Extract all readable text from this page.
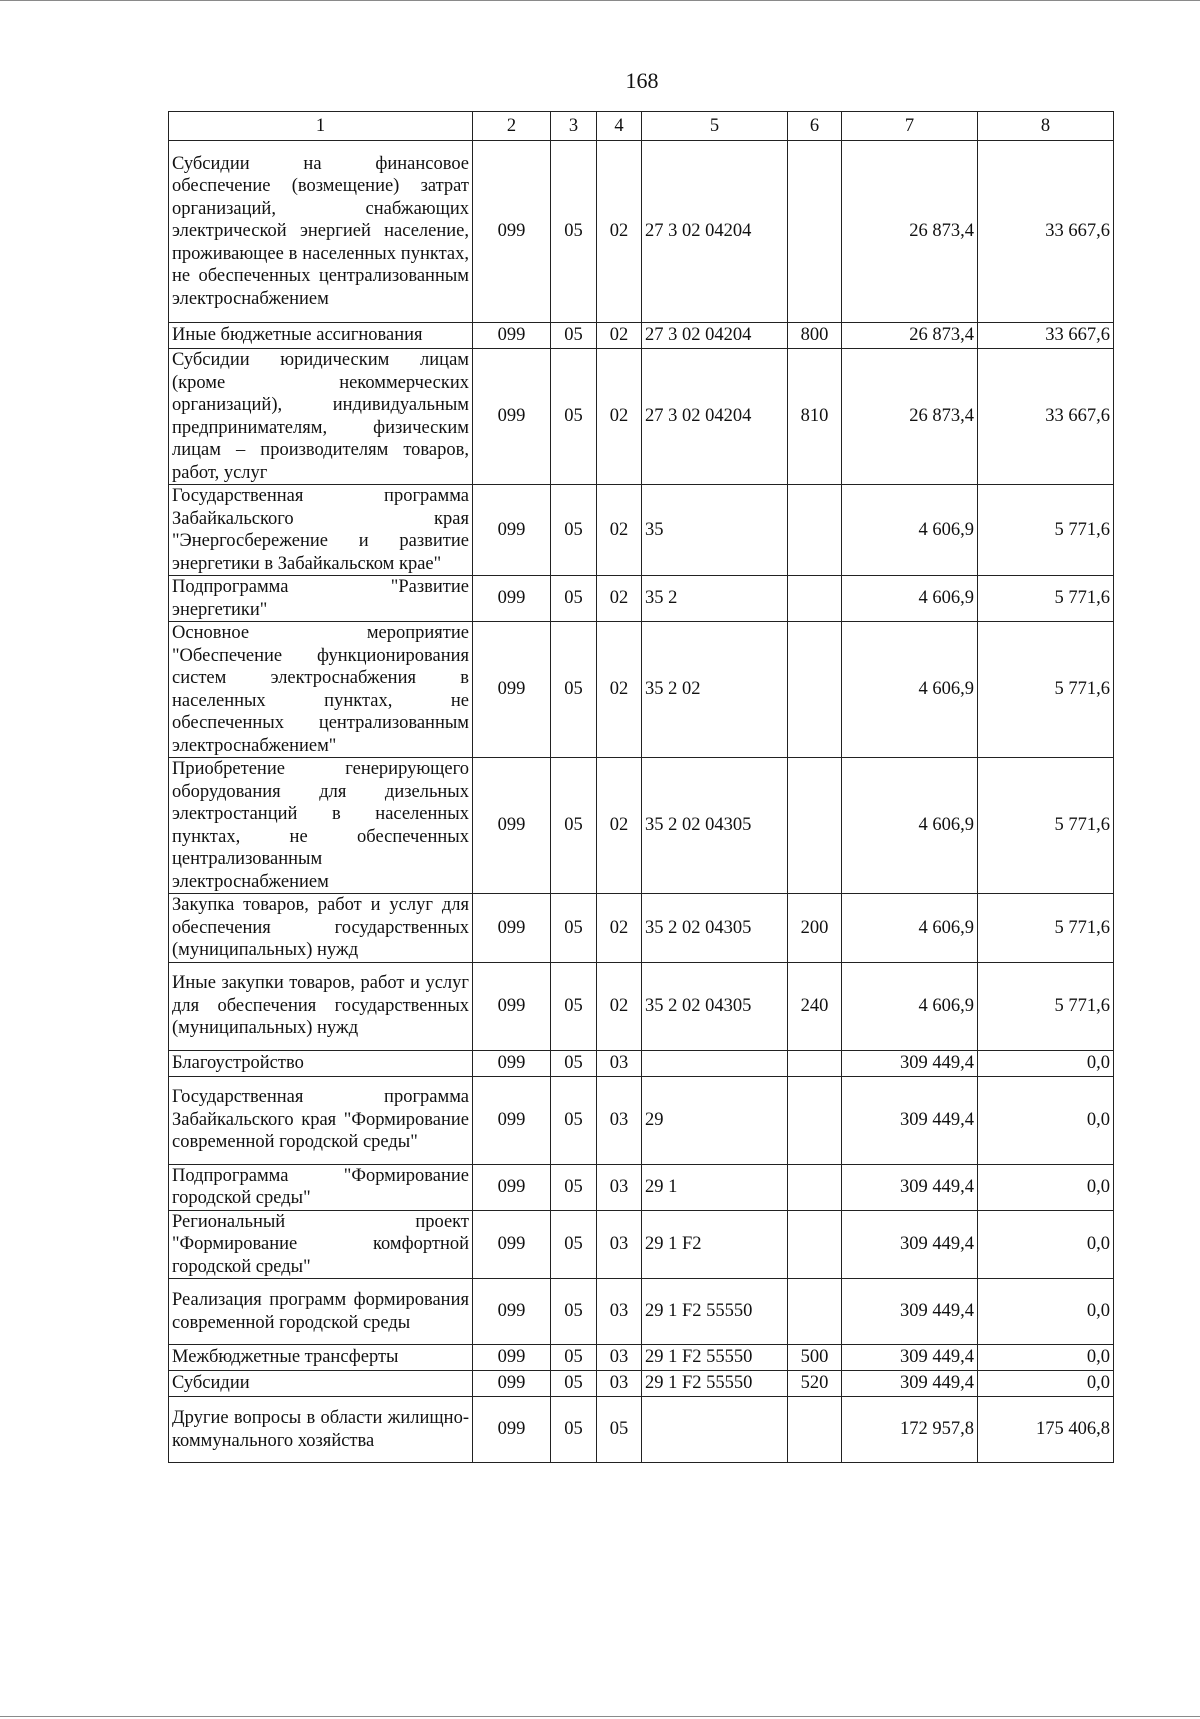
168
1	2	3	4	5	6	7	8
Субсидии на финансовое обеспечение (возмещение) затрат организаций, снабжающих электрической энергией население, проживающее в населенных пунктах, не обеспеченных централизованным электроснабжением	099	05	02	27 3 02 04204		26 873,4	33 667,6
Иные бюджетные ассигнования	099	05	02	27 3 02 04204	800	26 873,4	33 667,6
Субсидии юридическим лицам (кроме некоммерческих организаций), индивидуальным предпринимателям, физическим лицам – производителям товаров, работ, услуг	099	05	02	27 3 02 04204	810	26 873,4	33 667,6
Государственная программа Забайкальского края "Энергосбережение и развитие энергетики в Забайкальском крае"	099	05	02	35		4 606,9	5 771,6
Подпрограмма "Развитие энергетики"	099	05	02	35 2		4 606,9	5 771,6
Основное мероприятие "Обеспечение функционирования систем электроснабжения в населенных пунктах, не обеспеченных централизованным электроснабжением"	099	05	02	35 2 02		4 606,9	5 771,6
Приобретение генерирующего оборудования для дизельных электростанций в населенных пунктах, не обеспеченных централизованным электроснабжением	099	05	02	35 2 02 04305		4 606,9	5 771,6
Закупка товаров, работ и услуг для обеспечения государственных (муниципальных) нужд	099	05	02	35 2 02 04305	200	4 606,9	5 771,6
Иные закупки товаров, работ и услуг для обеспечения государственных (муниципальных) нужд	099	05	02	35 2 02 04305	240	4 606,9	5 771,6
Благоустройство	099	05	03			309 449,4	0,0
Государственная программа Забайкальского края "Формирование современной городской среды"	099	05	03	29		309 449,4	0,0
Подпрограмма "Формирование городской среды"	099	05	03	29 1		309 449,4	0,0
Региональный проект "Формирование комфортной городской среды"	099	05	03	29 1 F2		309 449,4	0,0
Реализация программ формирования современной городской среды	099	05	03	29 1 F2 55550		309 449,4	0,0
Межбюджетные трансферты	099	05	03	29 1 F2 55550	500	309 449,4	0,0
Субсидии	099	05	03	29 1 F2 55550	520	309 449,4	0,0
Другие вопросы в области жилищно-коммунального хозяйства	099	05	05			172 957,8	175 406,8
